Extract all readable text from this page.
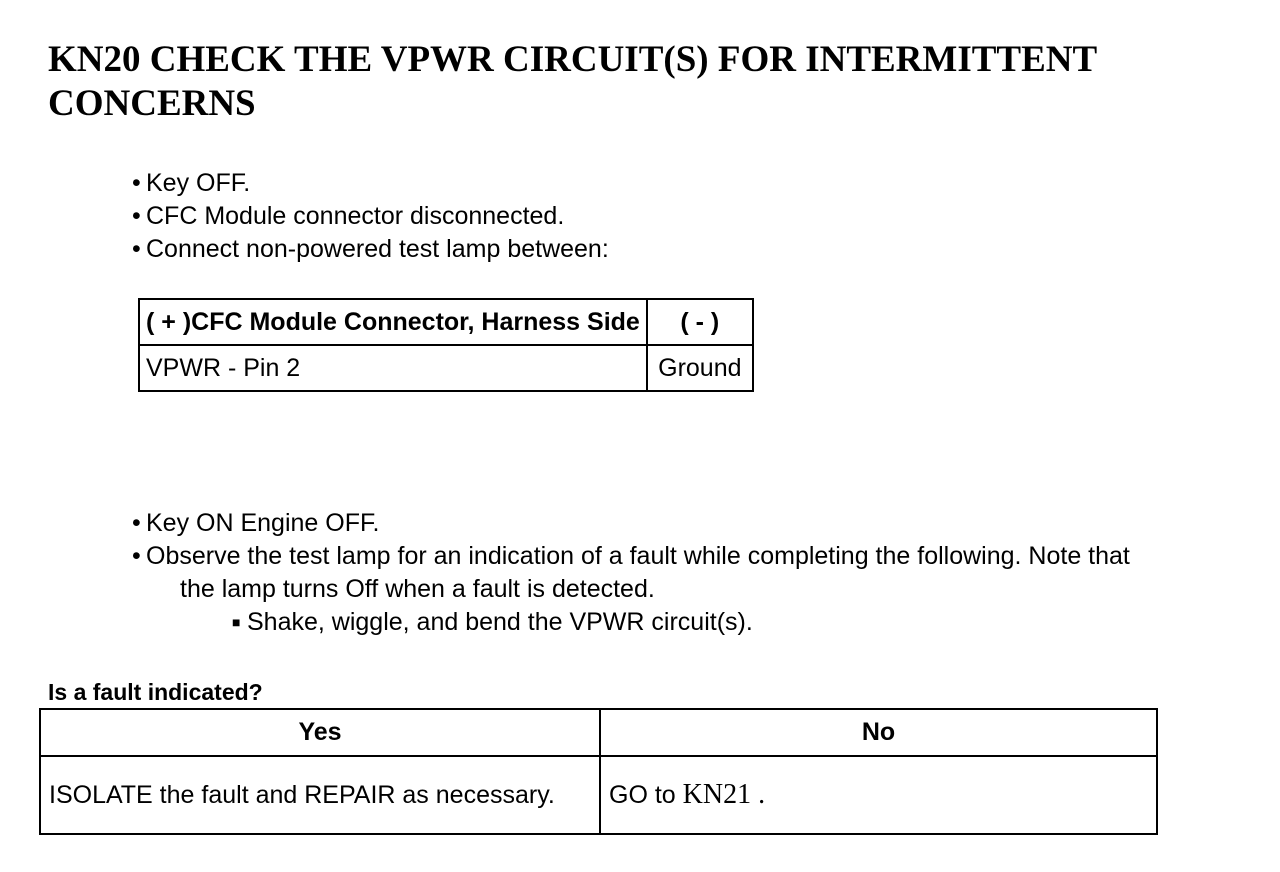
KN20 CHECK THE VPWR CIRCUIT(S) FOR INTERMITTENT CONCERNS
• Key OFF.
• CFC Module connector disconnected.
• Connect non-powered test lamp between:
( + )CFC Module Connector, Harness Side	( - )
VPWR - Pin 2	Ground
• Key ON Engine OFF.
• Observe the test lamp for an indication of a fault while completing the following. Note that
the lamp turns Off when a fault is detected.
■ Shake, wiggle, and bend the VPWR circuit(s).

Is a fault indicated?

Yes	No
ISOLATE the fault and REPAIR as necessary.	GO to KN21 .
